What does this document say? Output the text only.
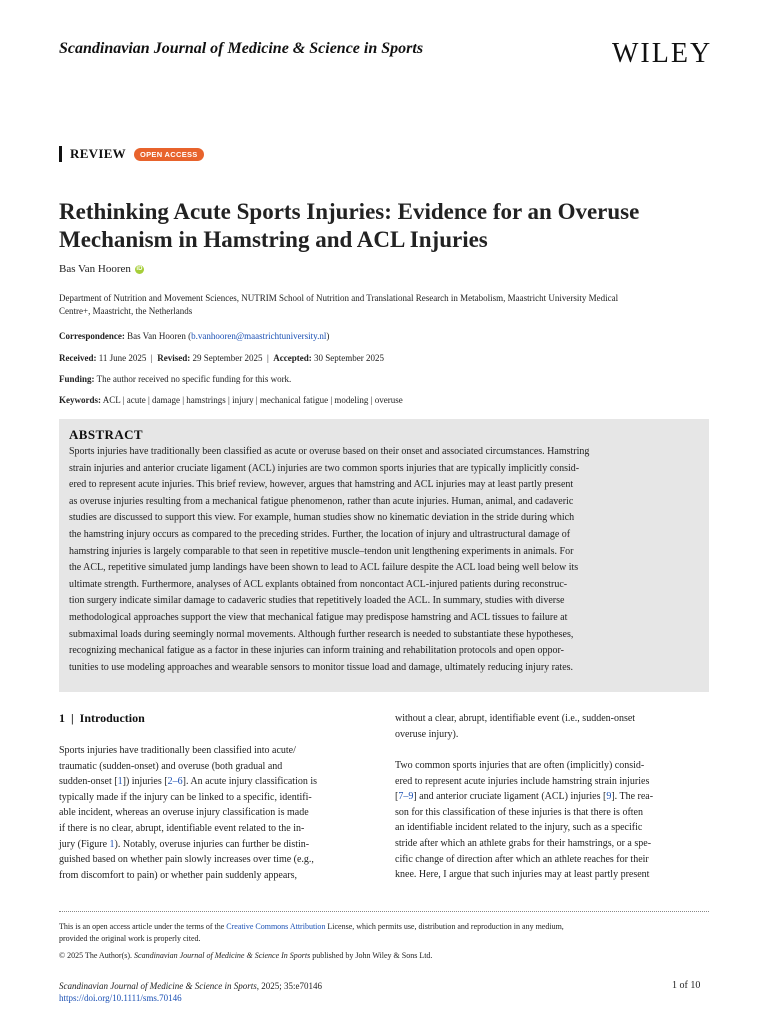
Scandinavian Journal of Medicine & Science in Sports	WILEY
REVIEW	OPEN ACCESS
Rethinking Acute Sports Injuries: Evidence for an Overuse
Mechanism in Hamstring and ACL Injuries
Bas Van Hooren iD
Department of Nutrition and Movement Sciences, NUTRIM School of Nutrition and Translational Research in Metabolism, Maastricht University Medical
Centre+, Maastricht, the Netherlands
Correspondence: Bas Van Hooren (b.vanhooren@maastrichtuniversity.nl)
Received: 11 June 2025 | Revised: 29 September 2025 | Accepted: 30 September 2025
Funding: The author received no specific funding for this work.
Keywords: ACL | acute | damage | hamstrings | injury | mechanical fatigue | modeling | overuse
ABSTRACT
Sports injuries have traditionally been classified as acute or overuse based on their onset and associated circumstances. Hamstring
strain injuries and anterior cruciate ligament (ACL) injuries are two common sports injuries that are typically implicitly consid-
ered to represent acute injuries. This brief review, however, argues that hamstring and ACL injuries may at least partly present
as overuse injuries resulting from a mechanical fatigue phenomenon, rather than acute injuries. Human, animal, and cadaveric
studies are discussed to support this view. For example, human studies show no kinematic deviation in the stride during which
the hamstring injury occurs as compared to the preceding strides. Further, the location of injury and ultrastructural damage of
hamstring injuries is largely comparable to that seen in repetitive muscle–tendon unit lengthening experiments in animals. For
the ACL, repetitive simulated jump landings have been shown to lead to ACL failure despite the ACL load being well below its
ultimate strength. Furthermore, analyses of ACL explants obtained from noncontact ACL-injured patients during reconstruc-
tion surgery indicate similar damage to cadaveric studies that repetitively loaded the ACL. In summary, studies with diverse
methodological approaches support the view that mechanical fatigue may predispose hamstring and ACL tissues to failure at
submaximal loads during seemingly normal movements. Although further research is needed to substantiate these hypotheses,
recognizing mechanical fatigue as a factor in these injuries can inform training and rehabilitation protocols and open oppor-
tunities to use modeling approaches and wearable sensors to monitor tissue load and damage, ultimately reducing injury rates.
1 | Introduction
Sports injuries have traditionally been classified into acute/
traumatic (sudden-onset) and overuse (both gradual and
sudden-onset [1]) injuries [2–6]. An acute injury classification is
typically made if the injury can be linked to a specific, identifi-
able incident, whereas an overuse injury classification is made
if there is no clear, abrupt, identifiable event related to the in-
jury (Figure 1). Notably, overuse injuries can further be distin-
guished based on whether pain slowly increases over time (e.g.,
from discomfort to pain) or whether pain suddenly appears,
without a clear, abrupt, identifiable event (i.e., sudden-onset
overuse injury).
Two common sports injuries that are often (implicitly) consid-
ered to represent acute injuries include hamstring strain injuries
[7–9] and anterior cruciate ligament (ACL) injuries [9]. The rea-
son for this classification of these injuries is that there is often
an identifiable incident related to the injury, such as a specific
stride after which an athlete grabs for their hamstrings, or a spe-
cific change of direction after which an athlete reaches for their
knee. Here, I argue that such injuries may at least partly present
This is an open access article under the terms of the Creative Commons Attribution License, which permits use, distribution and reproduction in any medium,
provided the original work is properly cited.
© 2025 The Author(s). Scandinavian Journal of Medicine & Science In Sports published by John Wiley & Sons Ltd.
Scandinavian Journal of Medicine & Science in Sports, 2025; 35:e70146
https://doi.org/10.1111/sms.70146
1 of 10
